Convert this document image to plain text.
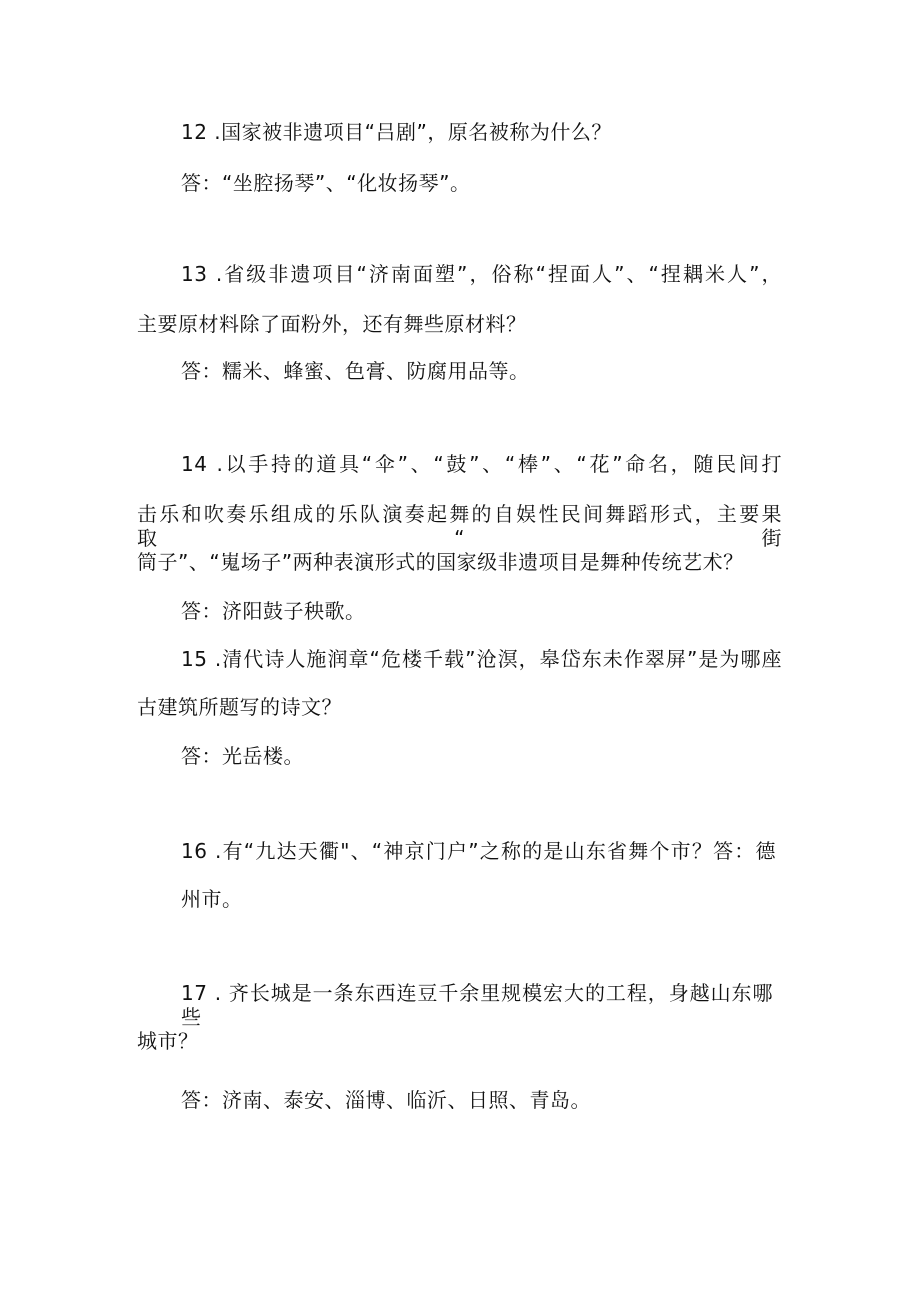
12 .国家被非遗项目“吕剧”，原名被称为什么？
答：“坐腔扬琴”、“化妆扬琴”。
13 .省级非遗项目“济南面塑”，俗称“捏面人”、“捏耦米人”，
主要原材料除了面粉外，还有舞些原材料？
答：糯米、蜂蜜、色膏、防腐用品等。
14 .以手持的道具“伞”、“鼓”、“棒”、“花”命名，随民间打
击乐和吹奏乐组成的乐队演奏起舞的自娱性民间舞蹈形式，主要果取“街
筒子”、“嵬场子”两种表演形式的国家级非遗项目是舞种传统艺术？
答：济阳鼓子秧歌。
15 .清代诗人施润章“危楼千载”沧溟，皋岱东未作翠屏”是为哪座
古建筑所题写的诗文？
答：光岳楼。
16 .有“九达天衢"、“神京门户”之称的是山东省舞个市？答：德
州市。
17 . 齐长城是一条东西连豆千余里规模宏大的工程，身越山东哪些
城市？
答：济南、泰安、淄博、临沂、日照、青岛。
